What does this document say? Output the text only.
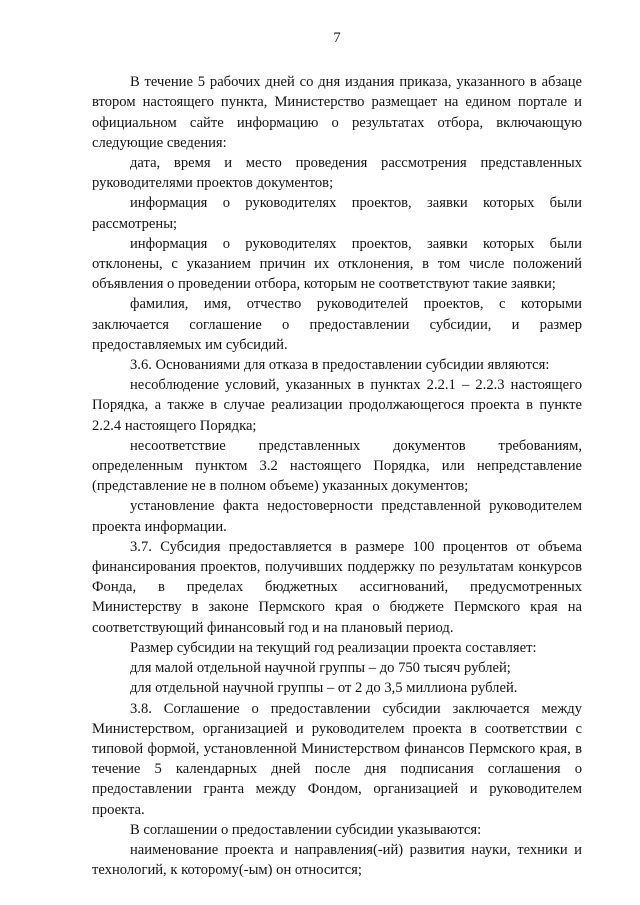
7

В течение 5 рабочих дней со дня издания приказа, указанного в абзаце втором настоящего пункта, Министерство размещает на едином портале и официальном сайте информацию о результатах отбора, включающую следующие сведения:

дата, время и место проведения рассмотрения представленных руководителями проектов документов;

информация о руководителях проектов, заявки которых были рассмотрены;

информация о руководителях проектов, заявки которых были отклонены, с указанием причин их отклонения, в том числе положений объявления о проведении отбора, которым не соответствуют такие заявки;

фамилия, имя, отчество руководителей проектов, с которыми заключается соглашение о предоставлении субсидии, и размер предоставляемых им субсидий.

3.6. Основаниями для отказа в предоставлении субсидии являются:

несоблюдение условий, указанных в пунктах 2.2.1 – 2.2.3 настоящего Порядка, а также в случае реализации продолжающегося проекта в пункте 2.2.4 настоящего Порядка;

несоответствие представленных документов требованиям, определенным пунктом 3.2 настоящего Порядка, или непредставление (представление не в полном объеме) указанных документов;

установление факта недостоверности представленной руководителем проекта информации.

3.7. Субсидия предоставляется в размере 100 процентов от объема финансирования проектов, получивших поддержку по результатам конкурсов Фонда, в пределах бюджетных ассигнований, предусмотренных Министерству в законе Пермского края о бюджете Пермского края на соответствующий финансовый год и на плановый период.

Размер субсидии на текущий год реализации проекта составляет:

для малой отдельной научной группы – до 750 тысяч рублей;

для отдельной научной группы – от 2 до 3,5 миллиона рублей.

3.8. Соглашение о предоставлении субсидии заключается между Министерством, организацией и руководителем проекта в соответствии с типовой формой, установленной Министерством финансов Пермского края, в течение 5 календарных дней после дня подписания соглашения о предоставлении гранта между Фондом, организацией и руководителем проекта.

В соглашении о предоставлении субсидии указываются:

наименование проекта и направления(-ий) развития науки, техники и технологий, к которому(-ым) он относится;
